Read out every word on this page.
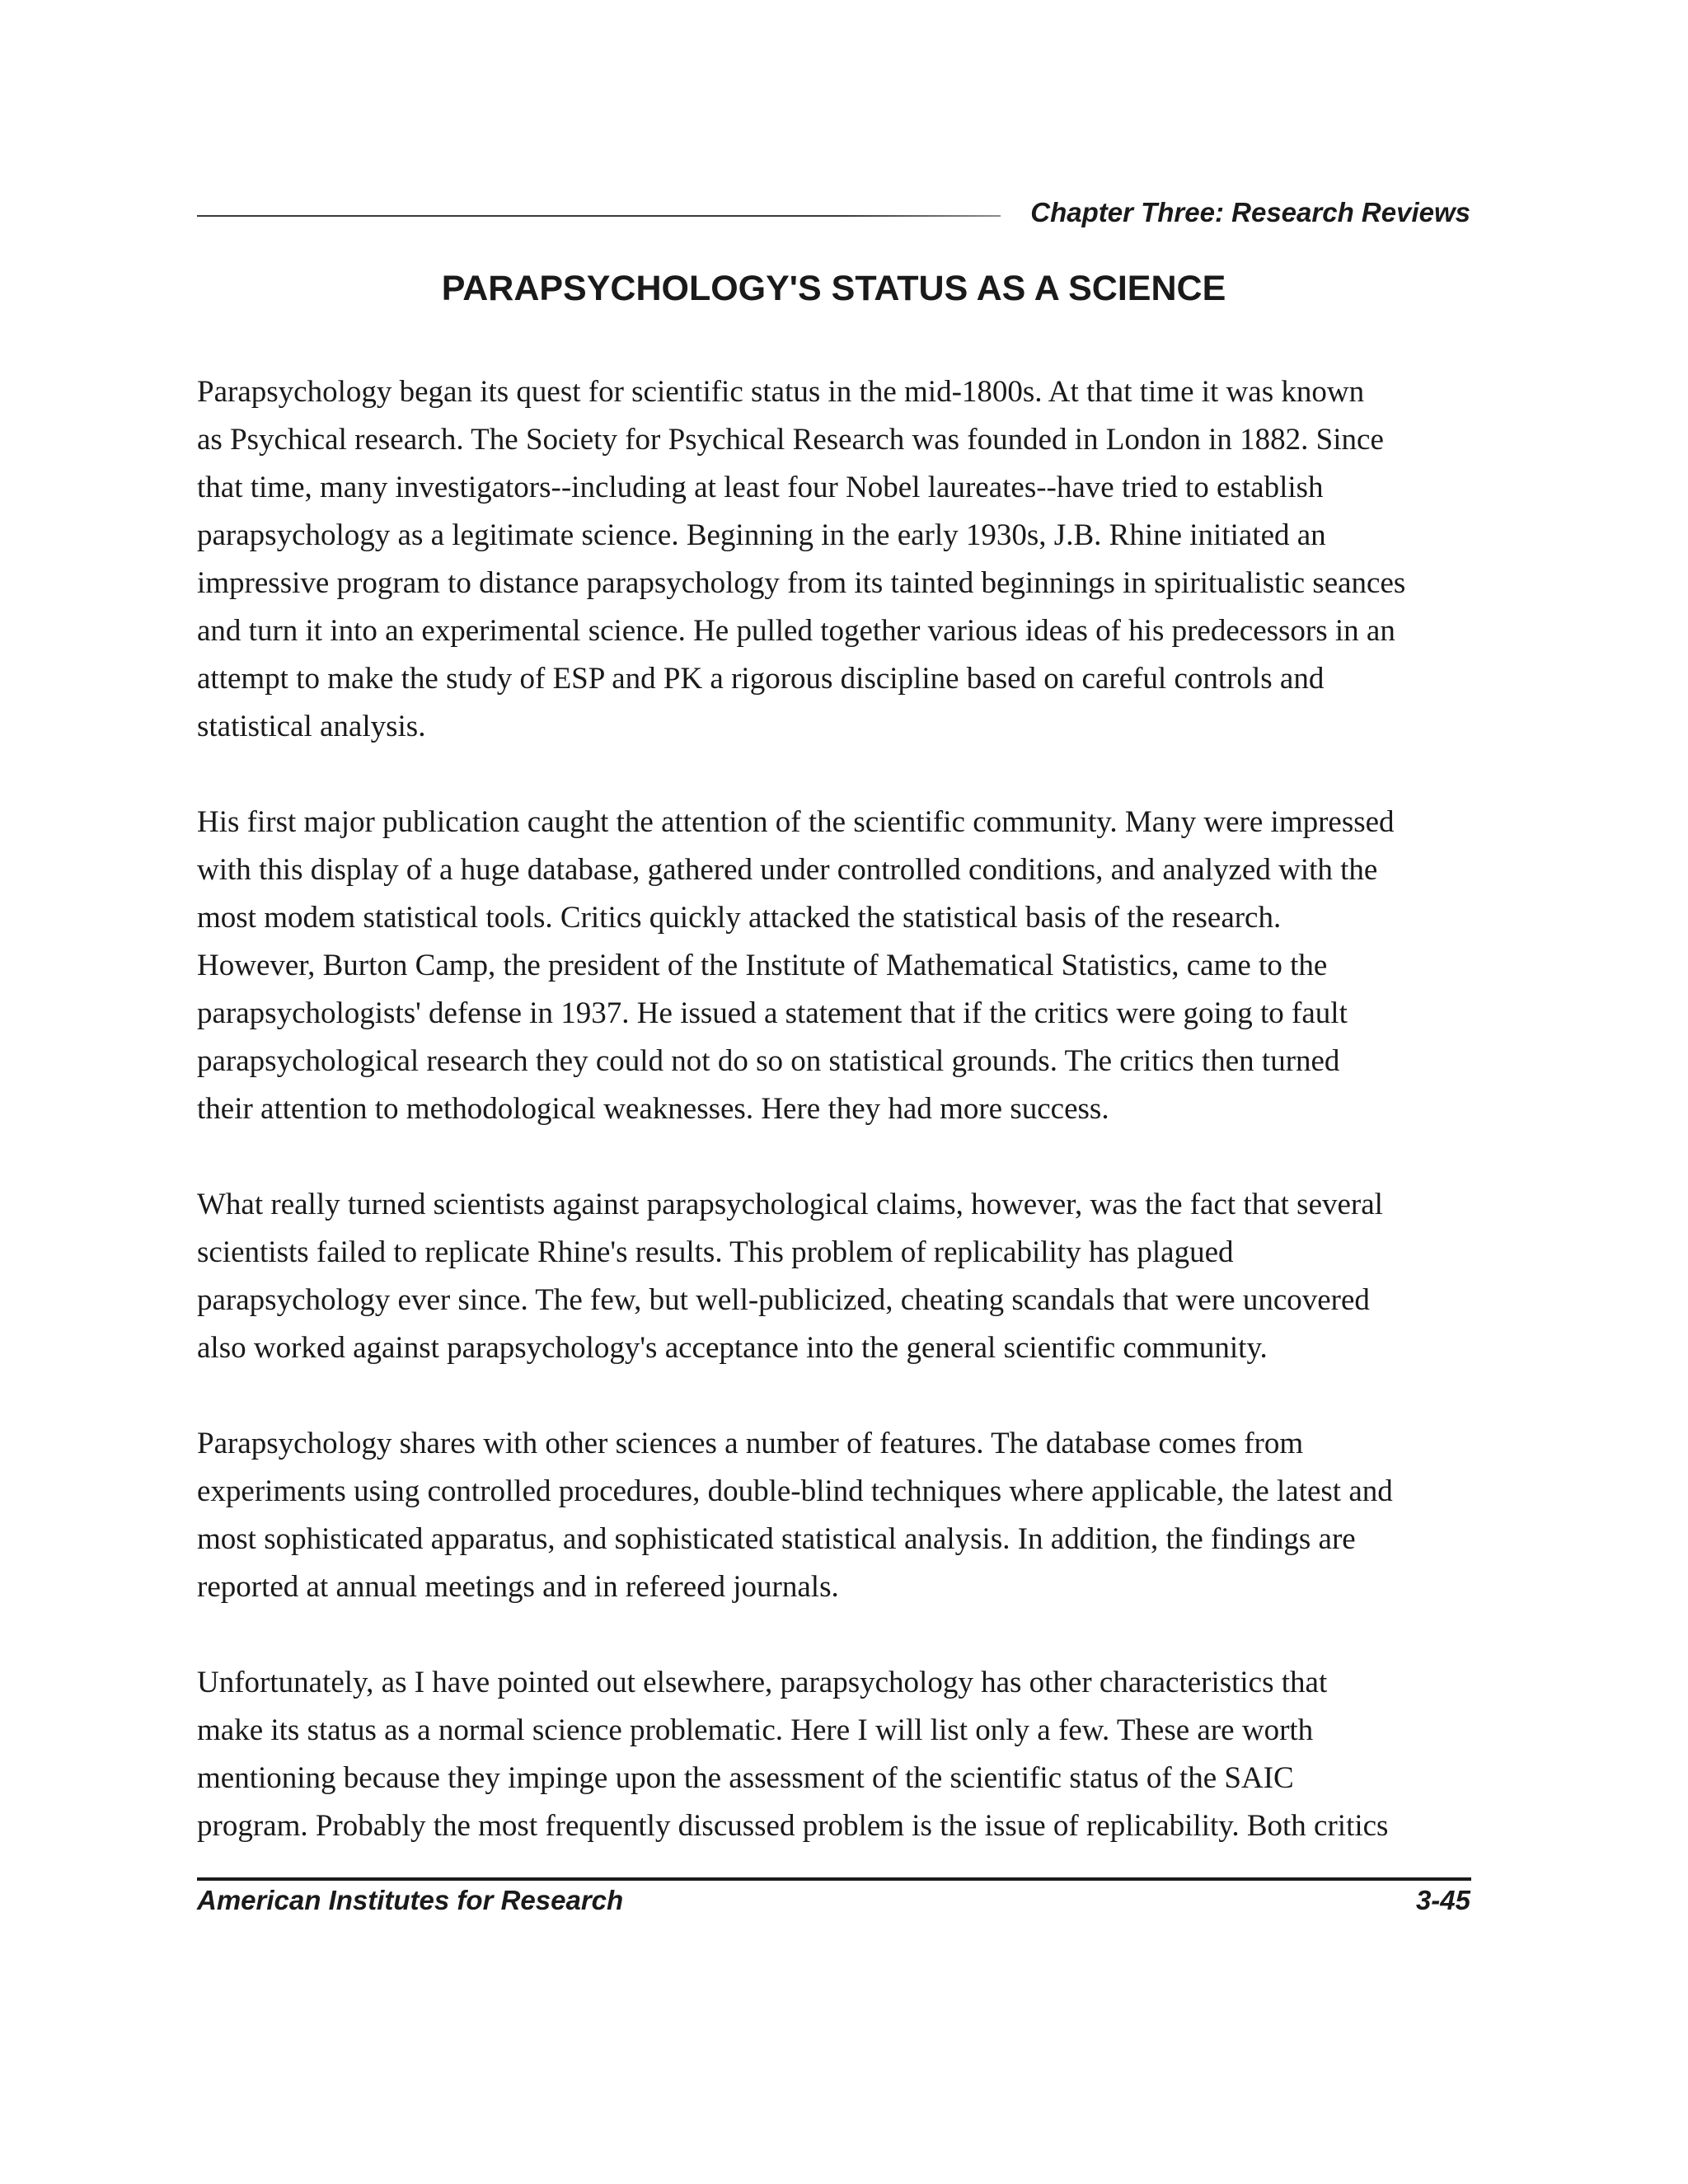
Chapter Three: Research Reviews
PARAPSYCHOLOGY'S STATUS AS A SCIENCE
Parapsychology began its quest for scientific status in the mid-1800s. At that time it was known
as Psychical research. The Society for Psychical Research was founded in London in 1882. Since
that time, many investigators--including at least four Nobel laureates--have tried to establish
parapsychology as a legitimate science. Beginning in the early 1930s, J.B. Rhine initiated an
impressive program to distance parapsychology from its tainted beginnings in spiritualistic seances
and turn it into an experimental science. He pulled together various ideas of his predecessors in an
attempt to make the study of ESP and PK a rigorous discipline based on careful controls and
statistical analysis.
His first major publication caught the attention of the scientific community. Many were impressed
with this display of a huge database, gathered under controlled conditions, and analyzed with the
most modem statistical tools. Critics quickly attacked the statistical basis of the research.
However, Burton Camp, the president of the Institute of Mathematical Statistics, came to the
parapsychologists' defense in 1937. He issued a statement that if the critics were going to fault
parapsychological research they could not do so on statistical grounds. The critics then turned
their attention to methodological weaknesses. Here they had more success.
What really turned scientists against parapsychological claims, however, was the fact that several
scientists failed to replicate Rhine's results. This problem of replicability has plagued
parapsychology ever since. The few, but well-publicized, cheating scandals that were uncovered
also worked against parapsychology's acceptance into the general scientific community.
Parapsychology shares with other sciences a number of features. The database comes from
experiments using controlled procedures, double-blind techniques where applicable, the latest and
most sophisticated apparatus, and sophisticated statistical analysis. In addition, the findings are
reported at annual meetings and in refereed journals.
Unfortunately, as I have pointed out elsewhere, parapsychology has other characteristics that
make its status as a normal science problematic. Here I will list only a few. These are worth
mentioning because they impinge upon the assessment of the scientific status of the SAIC
program. Probably the most frequently discussed problem is the issue of replicability. Both critics
American Institutes for Research	3-45
